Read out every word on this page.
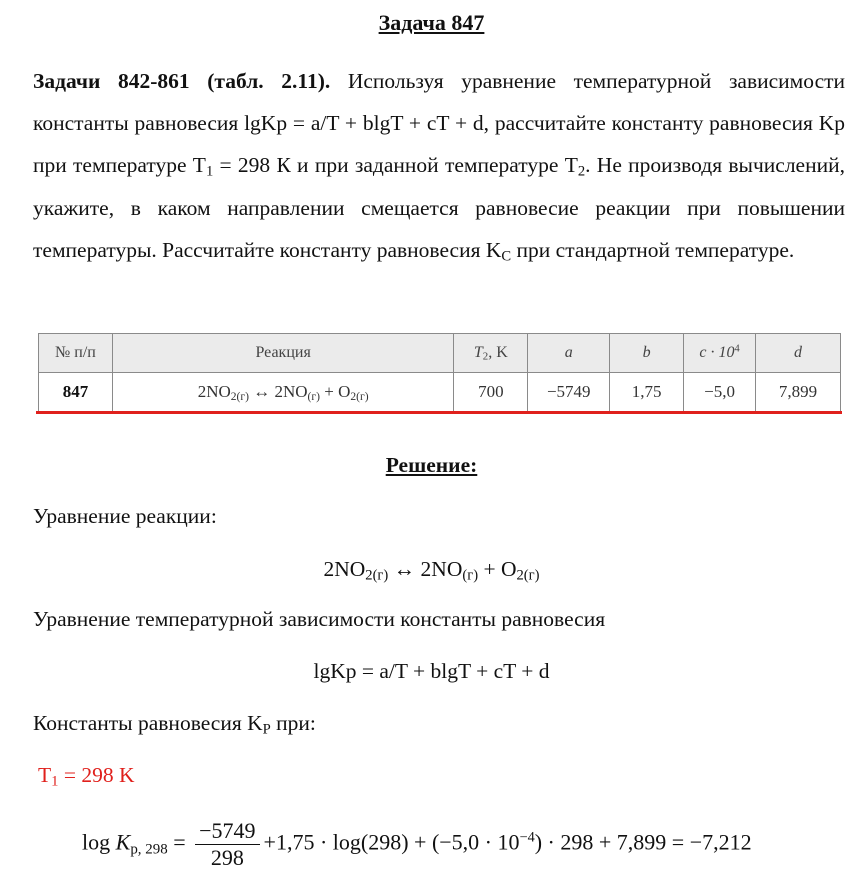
Задача 847
Задачи 842-861 (табл. 2.11). Используя уравнение температурной зависимости константы равновесия lgKp = a/T + blgT + cT + d, рассчитайте константу равновесия Kp при температуре $T_1 = 298$ К и при заданной температуре $T_2$. Не производя вычислений, укажите, в каком направлении смещается равновесие реакции при повышении температуры. Рассчитайте константу равновесия $K_C$ при стандартной температуре.
№ п/п	Реакция	$T_2$, K	a	b	$c \cdot 10^4$	d
847	$2NO_{2(г)}$ ↔ $2NO_{(г)} + O_{2(г)}$	700	−5749	1,75	−5,0	7,899
Решение:
Уравнение реакции:
$2NO_{2(г)}$ ↔ $2NO_{(г)} + O_{2(г)}$
Уравнение температурной зависимости константы равновесия
lgKp = a/T + blgT + cT + d
Константы равновесия $K_P$ при:
$T_1 = 298$ K
$\log K_{p, 298} = \frac{-5749}{298} +1,75 \cdot \log(298) + (-5,0 \cdot 10^{-4}) \cdot 298 + 7,899 = -7,212$
